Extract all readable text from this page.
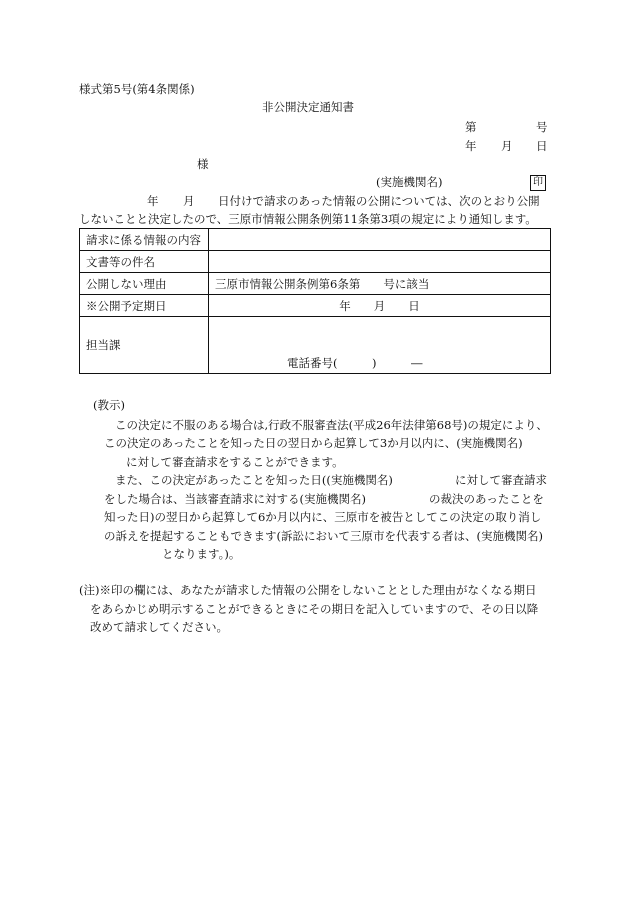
様式第5号(第4条関係)
非公開決定通知書
第	号
年 月 日
様
(実施機関名)	印
年 月 日付けで請求のあった情報の公開については、次のとおり公開
しないことと決定したので、三原市情報公開条例第11条第3項の規定により通知します。
請求に係る情報の内容	
文書等の件名	
公開しない理由	三原市情報公開条例第6条第　　号に該当
※公開予定期日	年　　月　　日
担当課	電話番号(　　　)　　　―
(教示)
この決定に不服のある場合は,行政不服審査法(平成26年法律第68号)の規定により、
この決定のあったことを知った日の翌日から起算して3か月以内に、(実施機関名)
に対して審査請求をすることができます。
また、この決定があったことを知った日((実施機関名)	に対して審査請求
をした場合は、当該審査請求に対する(実施機関名)	の裁決のあったことを
知った日)の翌日から起算して6か月以内に、三原市を被告としてこの決定の取り消し
の訴えを提起することもできます(訴訟において三原市を代表する者は、(実施機関名)
となります。)。
(注)※印の欄には、あなたが請求した情報の公開をしないこととした理由がなくなる期日
をあらかじめ明示することができるときにその期日を記入していますので、その日以降
改めて請求してください。
